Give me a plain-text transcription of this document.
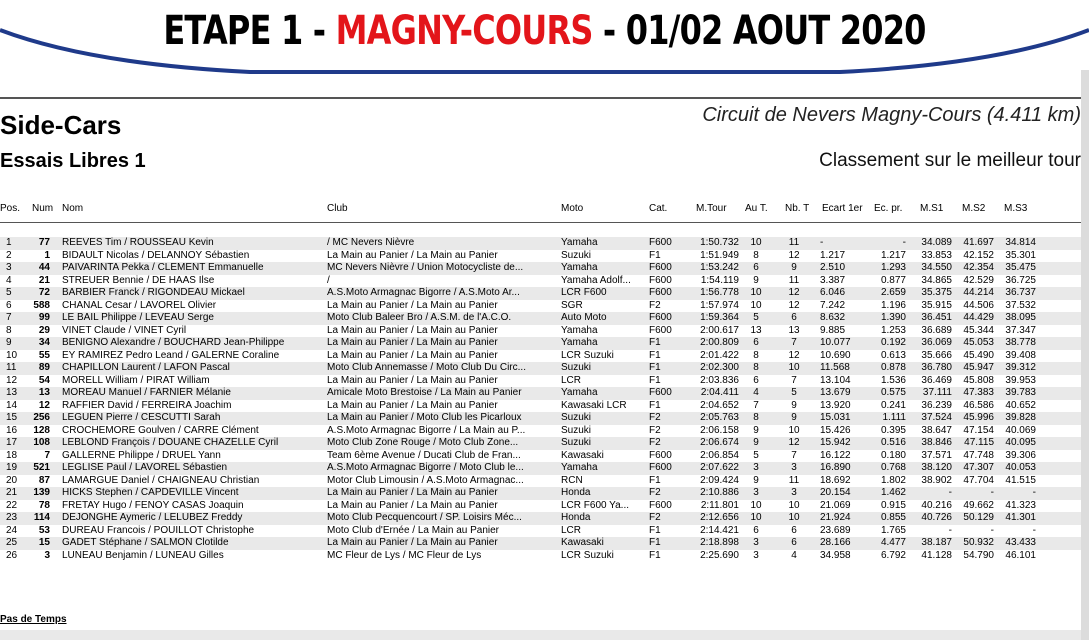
ETAPE 1 - MAGNY-COURS - 01/02 AOUT 2020
Side-Cars	Circuit de Nevers Magny-Cours (4.411 km)
Essais Libres 1	Classement sur le meilleur tour
Pos. Num Nom	Club	Moto	Cat.	M.Tour Au T. Nb. T Ecart 1er Ec. pr. M.S1 M.S2 M.S3
1	77 REEVES Tim / ROUSSEAU Kevin	/ MC Nevers Nièvre	Yamaha	F600	1:50.732	10	11	-	-	34.089	41.697	34.814
2	1 BIDAULT Nicolas / DELANNOY Sébastien	La Main au Panier / La Main au Panier	Suzuki	F1	1:51.949	8	12	1.217	1.217	33.853	42.152	35.301
3	44 PAIVARINTA Pekka / CLEMENT Emmanuelle	MC Nevers Nièvre / Union Motocycliste de...	Yamaha	F600	1:53.242	6	9	2.510	1.293	34.550	42.354	35.475
4	21 STREUER Bennie / DE HAAS Ilse	/	Yamaha Adolf...	F600	1:54.119	9	11	3.387	0.877	34.865	42.529	36.725
5	72 BARBIER Franck / RIGONDEAU Mickael	A.S.Moto Armagnac Bigorre / A.S.Moto Ar...	LCR F600	F600	1:56.778	10	12	6.046	2.659	35.375	44.214	36.737
6	588 CHANAL Cesar / LAVOREL Olivier	La Main au Panier / La Main au Panier	SGR	F2	1:57.974	10	12	7.242	1.196	35.915	44.506	37.532
7	99 LE BAIL Philippe / LEVEAU Serge	Moto Club Baleer Bro / A.S.M. de l'A.C.O.	Auto Moto	F600	1:59.364	5	6	8.632	1.390	36.451	44.429	38.095
8	29 VINET Claude / VINET Cyril	La Main au Panier / La Main au Panier	Yamaha	F600	2:00.617	13	13	9.885	1.253	36.689	45.344	37.347
9	34 BENIGNO Alexandre / BOUCHARD Jean-Philippe	La Main au Panier / La Main au Panier	Yamaha	F1	2:00.809	6	7	10.077	0.192	36.069	45.053	38.778
10	55 EY RAMIREZ Pedro Leand / GALERNE Coraline	La Main au Panier / La Main au Panier	LCR Suzuki	F1	2:01.422	8	12	10.690	0.613	35.666	45.490	39.408
11	89 CHAPILLON Laurent / LAFON Pascal	Moto Club Annemasse / Moto Club Du Circ...	Suzuki	F1	2:02.300	8	10	11.568	0.878	36.780	45.947	39.312
12	54 MORELL William / PIRAT William	La Main au Panier / La Main au Panier	LCR	F1	2:03.836	6	7	13.104	1.536	36.469	45.808	39.953
13	13 MOREAU Manuel / FARNIER Mélanie	Amicale Moto Brestoise / La Main au Panier	Yamaha	F600	2:04.411	4	5	13.679	0.575	37.111	47.383	39.783
14	12 RAFFIER David / FERREIRA Joachim	La Main au Panier / La Main au Panier	Kawasaki LCR	F1	2:04.652	7	9	13.920	0.241	36.239	46.586	40.652
15	256 LEGUEN Pierre / CESCUTTI Sarah	La Main au Panier / Moto Club les Picarloux	Suzuki	F2	2:05.763	8	9	15.031	1.111	37.524	45.996	39.828
16	128 CROCHEMORE Goulven / CARRE Clément	A.S.Moto Armagnac Bigorre / La Main au P...	Suzuki	F2	2:06.158	9	10	15.426	0.395	38.647	47.154	40.069
17	108 LEBLOND François / DOUANE CHAZELLE Cyril	Moto Club Zone Rouge / Moto Club Zone...	Suzuki	F2	2:06.674	9	12	15.942	0.516	38.846	47.115	40.095
18	7 GALLERNE Philippe / DRUEL Yann	Team 6ème Avenue / Ducati Club de Fran...	Kawasaki	F600	2:06.854	5	7	16.122	0.180	37.571	47.748	39.306
19	521 LEGLISE Paul / LAVOREL Sébastien	A.S.Moto Armagnac Bigorre / Moto Club le...	Yamaha	F600	2:07.622	3	3	16.890	0.768	38.120	47.307	40.053
20	87 LAMARGUE Daniel / CHAIGNEAU Christian	Motor Club Limousin / A.S.Moto Armagnac...	RCN	F1	2:09.424	9	11	18.692	1.802	38.902	47.704	41.515
21	139 HICKS Stephen / CAPDEVILLE Vincent	La Main au Panier / La Main au Panier	Honda	F2	2:10.886	3	3	20.154	1.462	-	-	-
22	78 FRETAY Hugo / FENOY CASAS Joaquin	La Main au Panier / La Main au Panier	LCR F600 Ya...	F600	2:11.801	10	10	21.069	0.915	40.216	49.662	41.323
23	114 DEJONGHE Aymeric / LELUBEZ Freddy	Moto Club Pecquencourt / SP. Loisirs Méc...	Honda	F2	2:12.656	10	10	21.924	0.855	40.726	50.129	41.301
24	53 DUREAU Francois / POUILLOT Christophe	Moto Club d'Ernée / La Main au Panier	LCR	F1	2:14.421	6	6	23.689	1.765	-	-	-
25	15 GADET Stéphane / SALMON Clotilde	La Main au Panier / La Main au Panier	Kawasaki	F1	2:18.898	3	6	28.166	4.477	38.187	50.932	43.433
26	3 LUNEAU Benjamin / LUNEAU Gilles	MC Fleur de Lys / MC Fleur de Lys	LCR Suzuki	F1	2:25.690	3	4	34.958	6.792	41.128	54.790	46.101
Pas de Temps
